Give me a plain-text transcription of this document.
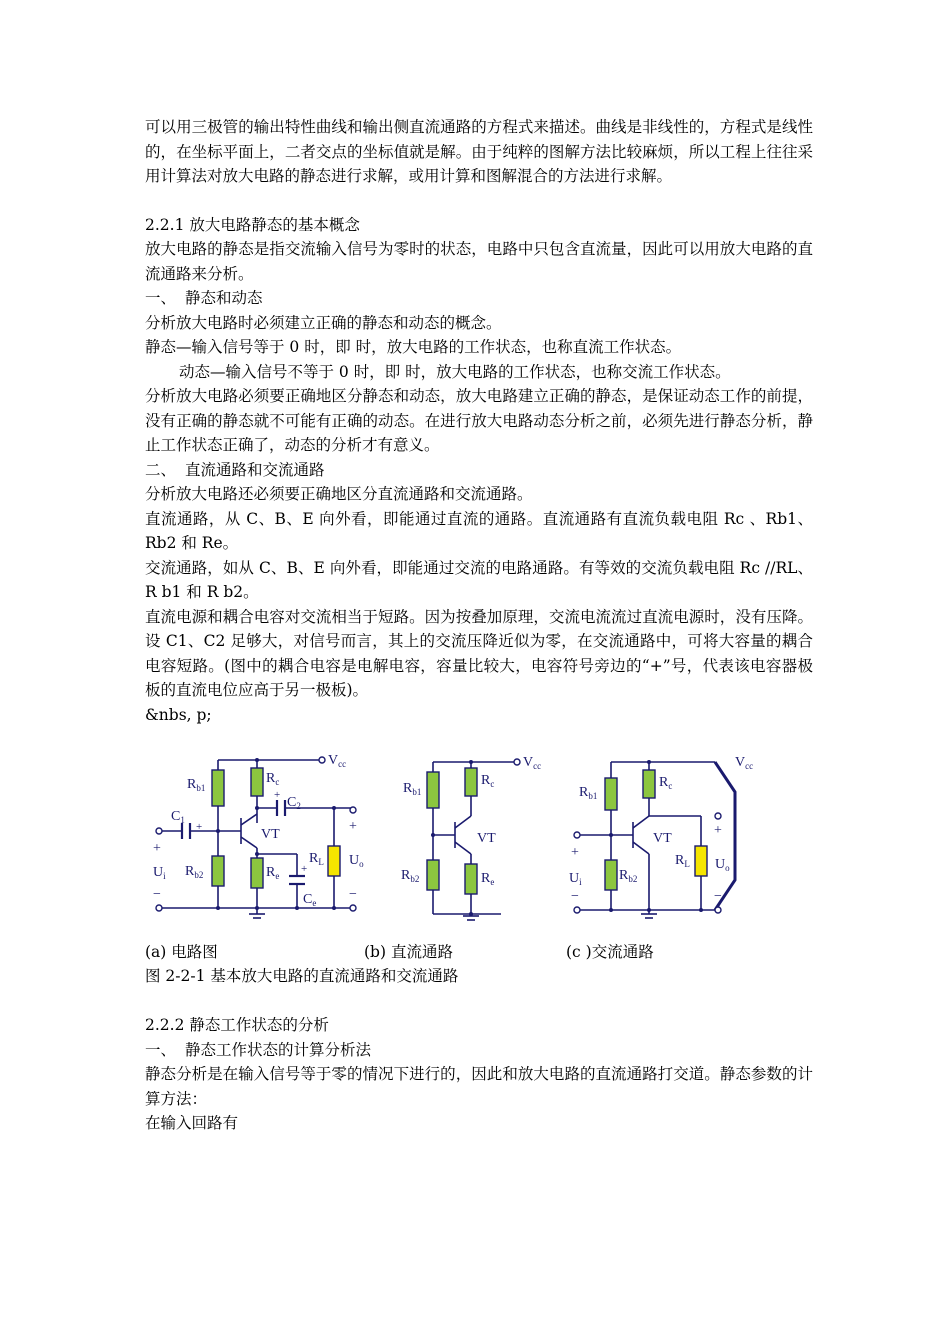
可以用三极管的输出特性曲线和输出侧直流通路的方程式来描述。曲线是非线性的，方程式是线性的，在坐标平面上，二者交点的坐标值就是解。由于纯粹的图解方法比较麻烦，所以工程上往往采用计算法对放大电路的静态进行求解，或用计算和图解混合的方法进行求解。

2.2.1 放大电路静态的基本概念

放大电路的静态是指交流输入信号为零时的状态，电路中只包含直流量，因此可以用放大电路的直流通路来分析。

一、 静态和动态

分析放大电路时必须建立正确的静态和动态的概念。

静态—输入信号等于 0 时，即 时，放大电路的工作状态，也称直流工作状态。

动态—输入信号不等于 0 时，即 时，放大电路的工作状态，也称交流工作状态。

分析放大电路必须要正确地区分静态和动态，放大电路建立正确的静态，是保证动态工作的前提，没有正确的静态就不可能有正确的动态。在进行放大电路动态分析之前，必须先进行静态分析，静止工作状态正确了，动态的分析才有意义。

二、 直流通路和交流通路

分析放大电路还必须要正确地区分直流通路和交流通路。

直流通路，从 C、B、E 向外看，即能通过直流的通路。直流通路有直流负载电阻 Rc 、Rb1、Rb2 和 Re。

交流通路，如从 C、B、E 向外看，即能通过交流的电路通路。有等效的交流负载电阻 Rc //RL、R b1 和 R b2。

直流电源和耦合电容对交流相当于短路。因为按叠加原理，交流电流流过直流电源时，没有压降。设 C1、C2 足够大，对信号而言，其上的交流压降近似为零，在交流通路中，可将大容量的耦合电容短路。(图中的耦合电容是电解电容，容量比较大，电容符号旁边的“+”号，代表该电容器极板的直流电位应高于另一极板)。

&nbs, p;

+
+
+
$V_{cc}$
$R_{b1}$
$R_{b2}$
$R_c$
$R_e$
$R_L$
$C_1$
$C_2$
$C_e$
VT
$U_i$
$U_o$
+
−
+
−
$V_{cc}$
$R_{b1}$
$R_{b2}$
$R_c$
$R_e$
VT
$V_{cc}$
$R_{b1}$
$R_{b2}$
$R_c$
$R_L$
VT
$U_i$
$U_o$
+
−
+
−
(a) 电路图	(b) 直流通路	(c )交流通路
图 2-2-1 基本放大电路的直流通路和交流通路

2.2.2 静态工作状态的分析

一、 静态工作状态的计算分析法

静态分析是在输入信号等于零的情况下进行的，因此和放大电路的直流通路打交道。静态参数的计算方法：

在输入回路有
